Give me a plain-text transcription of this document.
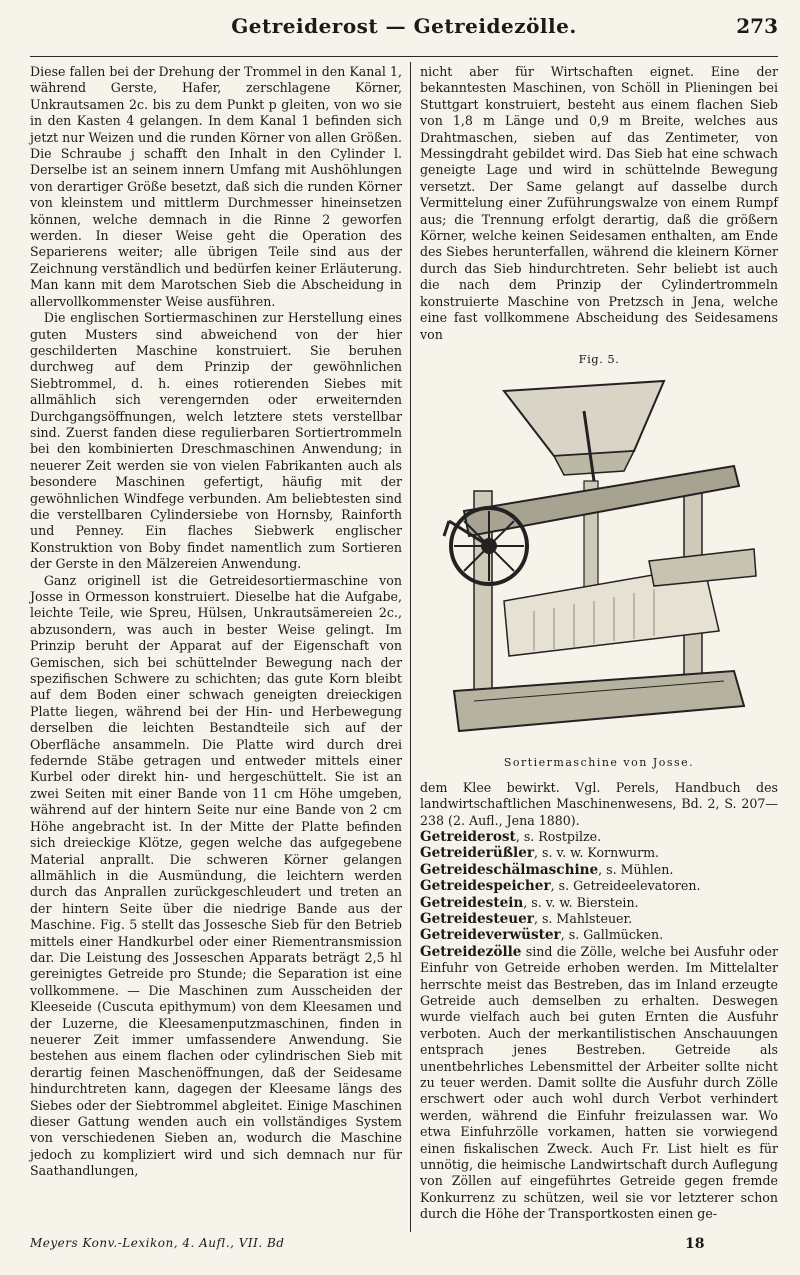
Getreiderost — Getreidezölle.	273

Diese fallen bei der Drehung der Trommel in den Kanal 1, während Gerste, Hafer, zerschlagene Körner, Unkrautsamen 2c. bis zu dem Punkt p gleiten, von wo sie in den Kasten 4 gelangen. In dem Kanal 1 befinden sich jetzt nur Weizen und die runden Körner von allen Größen. Die Schraube j schafft den Inhalt in den Cylinder l. Derselbe ist an seinem innern Umfang mit Aushöhlungen von derartiger Größe besetzt, daß sich die runden Körner von kleinstem und mittlerm Durchmesser hineinsetzen können, welche demnach in die Rinne 2 geworfen werden. In dieser Weise geht die Operation des Separierens weiter; alle übrigen Teile sind aus der Zeichnung verständlich und bedürfen keiner Erläuterung. Man kann mit dem Marotschen Sieb die Abscheidung in allervollkommenster Weise ausführen.

Die englischen Sortiermaschinen zur Herstellung eines guten Musters sind abweichend von der hier geschilderten Maschine konstruiert. Sie beruhen durchweg auf dem Prinzip der gewöhnlichen Siebtrommel, d. h. eines rotierenden Siebes mit allmählich sich verengernden oder erweiternden Durchgangsöffnungen, welch letztere stets verstellbar sind. Zuerst fanden diese regulierbaren Sortiertrommeln bei den kombinierten Dreschmaschinen Anwendung; in neuerer Zeit werden sie von vielen Fabrikanten auch als besondere Maschinen gefertigt, häufig mit der gewöhnlichen Windfege verbunden. Am beliebtesten sind die verstellbaren Cylindersiebe von Hornsby, Rainforth und Penney. Ein flaches Siebwerk englischer Konstruktion von Boby findet namentlich zum Sortieren der Gerste in den Mälzereien Anwendung.

Ganz originell ist die Getreidesortiermaschine von Josse in Ormesson konstruiert. Dieselbe hat die Aufgabe, leichte Teile, wie Spreu, Hülsen, Unkrautsämereien 2c., abzusondern, was auch in bester Weise gelingt. Im Prinzip beruht der Apparat auf der Eigenschaft von Gemischen, sich bei schüttelnder Bewegung nach der spezifischen Schwere zu schichten; das gute Korn bleibt auf dem Boden einer schwach geneigten dreieckigen Platte liegen, während bei der Hin- und Herbewegung derselben die leichten Bestandteile sich auf der Oberfläche ansammeln. Die Platte wird durch drei federnde Stäbe getragen und entweder mittels einer Kurbel oder direkt hin- und hergeschüttelt. Sie ist an zwei Seiten mit einer Bande von 11 cm Höhe umgeben, während auf der hintern Seite nur eine Bande von 2 cm Höhe angebracht ist. In der Mitte der Platte befinden sich dreieckige Klötze, gegen welche das aufgegebene Material anprallt. Die schweren Körner gelangen allmählich in die Ausmündung, die leichtern werden durch das Anprallen zurückgeschleudert und treten an der hintern Seite über die niedrige Bande aus der Maschine. Fig. 5 stellt das Jossesche Sieb für den Betrieb mittels einer Handkurbel oder einer Riementransmission dar. Die Leistung des Josseschen Apparats beträgt 2,5 hl gereinigtes Getreide pro Stunde; die Separation ist eine vollkommene. — Die Maschinen zum Ausscheiden der Kleeseide (Cuscuta epithymum) von dem Kleesamen und der Luzerne, die Kleesamenputzmaschinen, finden in neuerer Zeit immer umfassendere Anwendung. Sie bestehen aus einem flachen oder cylindrischen Sieb mit derartig feinen Maschenöffnungen, daß der Seidesame hindurchtreten kann, dagegen der Kleesame längs des Siebes oder der Siebtrommel abgleitet. Einige Maschinen dieser Gattung wenden auch ein vollständiges System von verschiedenen Sieben an, wodurch die Maschine jedoch zu kompliziert wird und sich demnach nur für Saathandlungen,

nicht aber für Wirtschaften eignet. Eine der bekanntesten Maschinen, von Schöll in Plieningen bei Stuttgart konstruiert, besteht aus einem flachen Sieb von 1,8 m Länge und 0,9 m Breite, welches aus Drahtmaschen, sieben auf das Zentimeter, von Messingdraht gebildet wird. Das Sieb hat eine schwach geneigte Lage und wird in schüttelnde Bewegung versetzt. Der Same gelangt auf dasselbe durch Vermittelung einer Zuführungswalze von einem Rumpf aus; die Trennung erfolgt derartig, daß die größern Körner, welche keinen Seidesamen enthalten, am Ende des Siebes herunterfallen, während die kleinern Körner durch das Sieb hindurchtreten. Sehr beliebt ist auch die nach dem Prinzip der Cylindertrommeln konstruierte Maschine von Pretzsch in Jena, welche eine fast vollkommene Abscheidung des Seidesamens von

Fig. 5.
Sortiermaschine von Josse.

dem Klee bewirkt. Vgl. Perels, Handbuch des landwirtschaftlichen Maschinenwesens, Bd. 2, S. 207—238 (2. Aufl., Jena 1880).

Getreiderost, s. Rostpilze.

Getreiderüßler, s. v. w. Kornwurm.

Getreideschälmaschine, s. Mühlen.

Getreidespeicher, s. Getreideelevatoren.

Getreidestein, s. v. w. Bierstein.

Getreidesteuer, s. Mahlsteuer.

Getreideverwüster, s. Gallmücken.

Getreidezölle sind die Zölle, welche bei Ausfuhr oder Einfuhr von Getreide erhoben werden. Im Mittelalter herrschte meist das Bestreben, das im Inland erzeugte Getreide auch demselben zu erhalten. Deswegen wurde vielfach auch bei guten Ernten die Ausfuhr verboten. Auch der merkantilistischen Anschauungen entsprach jenes Bestreben. Getreide als unentbehrliches Lebensmittel der Arbeiter sollte nicht zu teuer werden. Damit sollte die Ausfuhr durch Zölle erschwert oder auch wohl durch Verbot verhindert werden, während die Einfuhr freizulassen war. Wo etwa Einfuhrzölle vorkamen, hatten sie vorwiegend einen fiskalischen Zweck. Auch Fr. List hielt es für unnötig, die heimische Landwirtschaft durch Auflegung von Zöllen auf eingeführtes Getreide gegen fremde Konkurrenz zu schützen, weil sie vor letzterer schon durch die Höhe der Transportkosten einen ge-

Meyers Konv.-Lexikon, 4. Aufl., VII. Bd	18
